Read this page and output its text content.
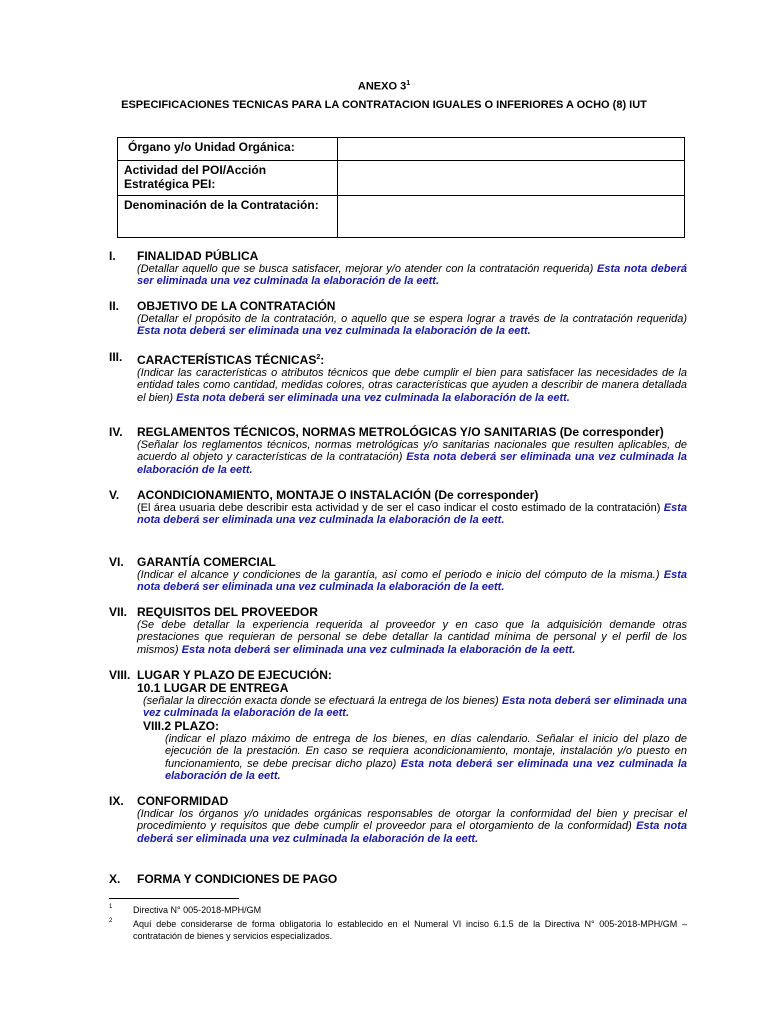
ANEXO $3^1$
ESPECIFICACIONES TECNICAS PARA LA CONTRATACION IGUALES O INFERIORES A OCHO (8) IUT
Órgano y/o Unidad Orgánica:	
Actividad del POI/Acción Estratégica PEI:	
Denominación de la Contratación:	
I.	FINALIDAD PÚBLICA
(Detallar aquello que se busca satisfacer, mejorar y/o atender con la contratación requerida) Esta nota deberá ser eliminada una vez culminada la elaboración de la eett.
II.	OBJETIVO DE LA CONTRATACIÓN
(Detallar el propósito de la contratación, o aquello que se espera lograr a través de la contratación requerida) Esta nota deberá ser eliminada una vez culminada la elaboración de la eett.
III.	CARACTERÍSTICAS TÉCNICAS$^2$:
(Indicar las características o atributos técnicos que debe cumplir el bien para satisfacer las necesidades de la entidad tales como cantidad, medidas colores, otras características que ayuden a describir de manera detallada el bien) Esta nota deberá ser eliminada una vez culminada la elaboración de la eett.
IV.	REGLAMENTOS TÉCNICOS, NORMAS METROLÓGICAS Y/O SANITARIAS (De corresponder)
(Señalar los reglamentos técnicos, normas metrológicas y/o sanitarias nacionales que resulten aplicables, de acuerdo al objeto y características de la contratación) Esta nota deberá ser eliminada una vez culminada la elaboración de la eett.
V.	ACONDICIONAMIENTO, MONTAJE O INSTALACIÓN (De corresponder)
(El área usuaria debe describir esta actividad y de ser el caso indicar el costo estimado de la contratación) Esta nota deberá ser eliminada una vez culminada la elaboración de la eett.
VI.	GARANTÍA COMERCIAL
(Indicar el alcance y condiciones de la garantía, así como el periodo e inicio del cómputo de la misma.) Esta nota deberá ser eliminada una vez culminada la elaboración de la eett.
VII. REQUISITOS DEL PROVEEDOR
(Se debe detallar la experiencia requerida al proveedor y en caso que la adquisición demande otras prestaciones que requieran de personal se debe detallar la cantidad mínima de personal y el perfil de los mismos) Esta nota deberá ser eliminada una vez culminada la elaboración de la eett.
VIII. LUGAR Y PLAZO DE EJECUCIÓN:
10.1 LUGAR DE ENTREGA
(señalar la dirección exacta donde se efectuará la entrega de los bienes) Esta nota deberá ser eliminada una vez culminada la elaboración de la eett.
VIII.2 PLAZO:
(indicar el plazo máximo de entrega de los bienes, en días calendario. Señalar el inicio del plazo de ejecución de la prestación. En caso se requiera acondicionamiento, montaje, instalación y/o puesto en funcionamiento, se debe precisar dicho plazo) Esta nota deberá ser eliminada una vez culminada la elaboración de la eett.
IX.	CONFORMIDAD
(Indicar los órganos y/o unidades orgánicas responsables de otorgar la conformidad del bien y precisar el procedimiento y requisitos que debe cumplir el proveedor para el otorgamiento de la conformidad) Esta nota deberá ser eliminada una vez culminada la elaboración de la eett.
X.	FORMA Y CONDICIONES DE PAGO
1 Directiva N° 005-2018-MPH/GM
2 Aquí debe considerarse de forma obligatoria lo establecido en el Numeral VI inciso 6.1.5 de la Directiva N° 005-2018-MPH/GM – contratación de bienes y servicios especializados.
